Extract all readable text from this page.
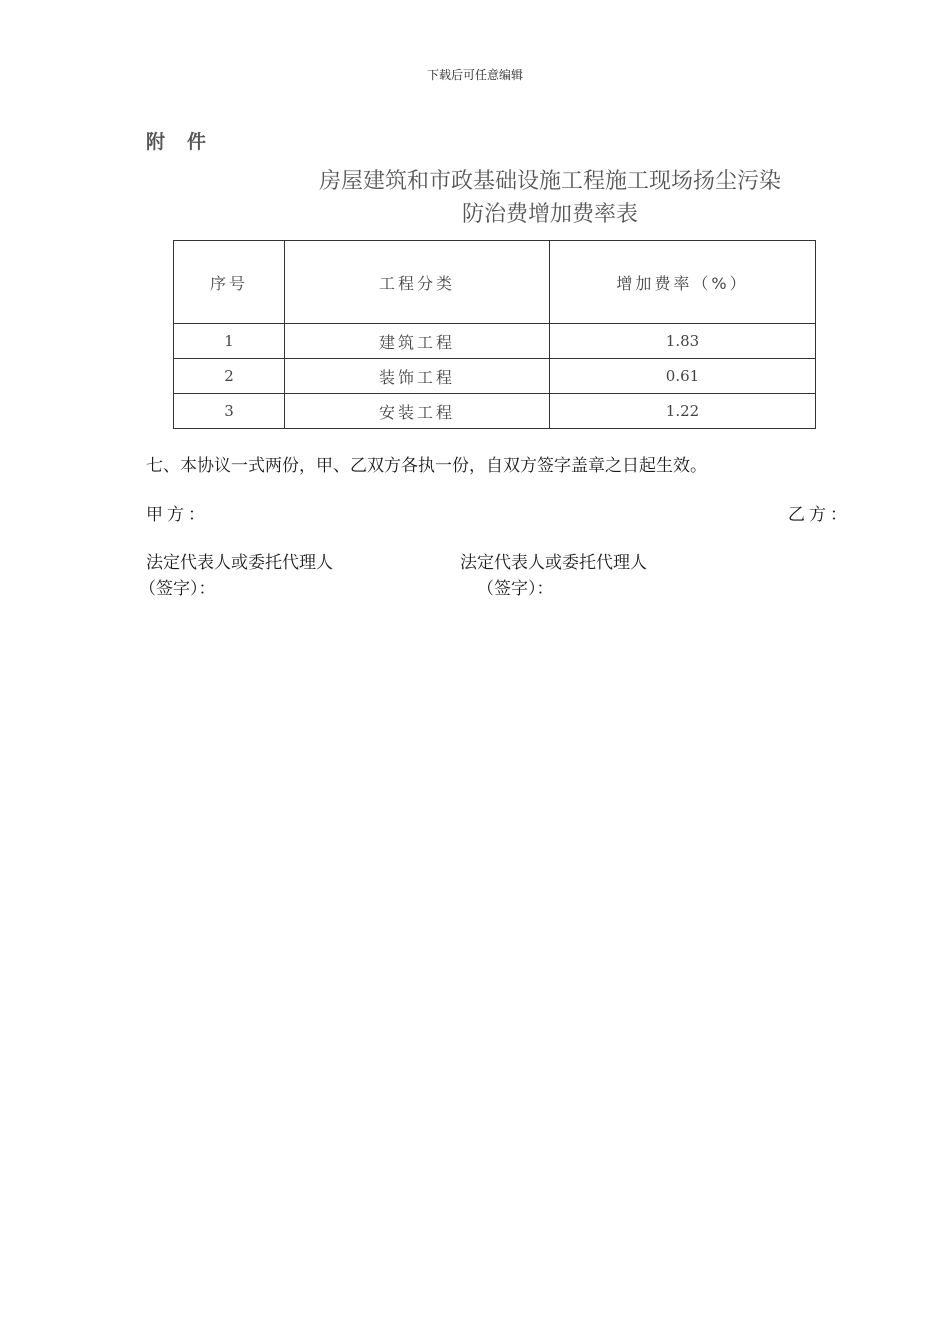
下载后可任意编辑
附件
房屋建筑和市政基础设施工程施工现场扬尘污染
防治费增加费率表
序号	工程分类	增加费率（%）
1	建筑工程	1.83
2	装饰工程	0.61
3	安装工程	1.22
七、本协议一式两份，甲、乙双方各执一份，自双方签字盖章之日起生效。
甲方：	乙方：
法定代表人或委托代理人	法定代表人或委托代理人
（签字）：	（签字）：
